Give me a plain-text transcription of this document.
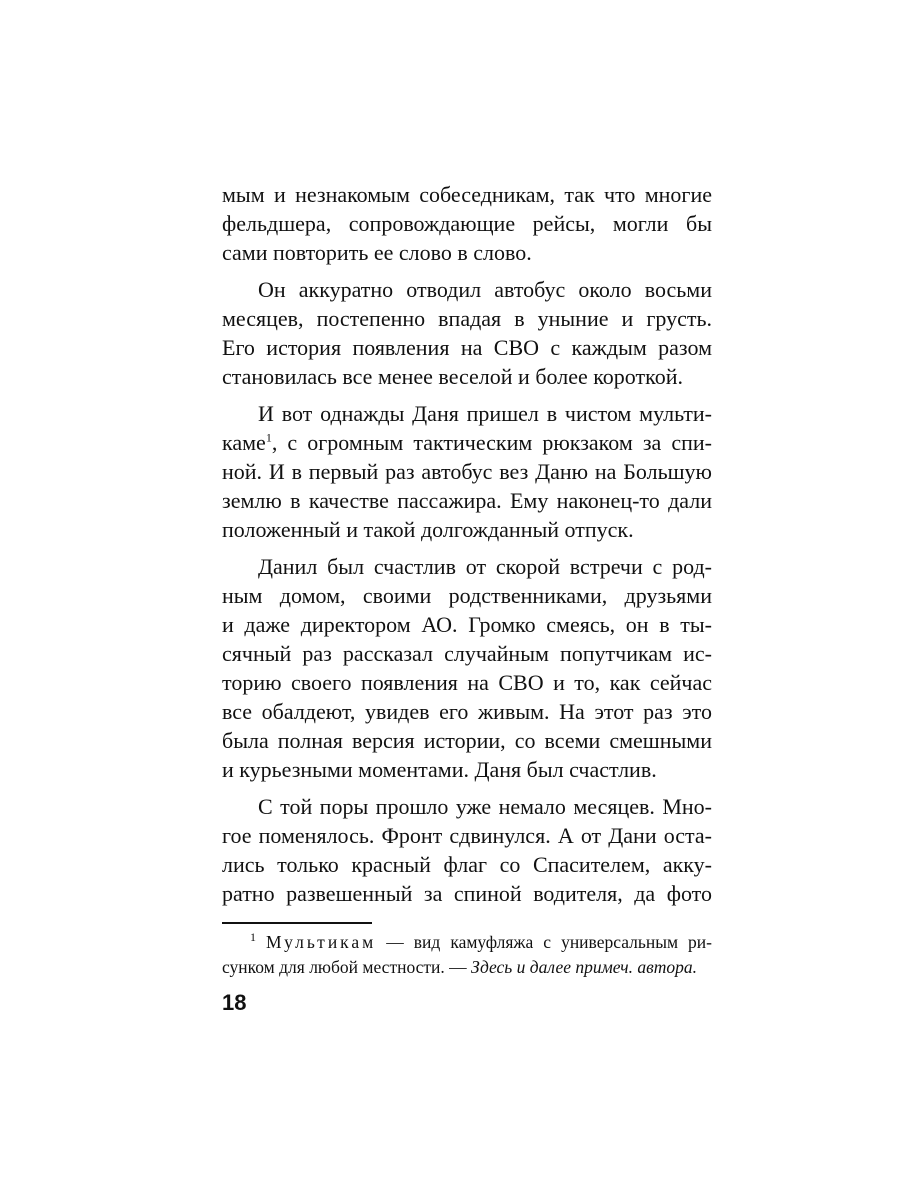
мым и незнакомым собеседникам, так что многие
фельдшера, сопровождающие рейсы, могли бы
сами повторить ее слово в слово.
Он аккуратно отводил автобус около восьми
месяцев, постепенно впадая в уныние и грусть.
Его история появления на СВО с каждым разом
становилась все менее веселой и более короткой.
И вот однажды Даня пришел в чистом мульти-
каме$^1$, с огромным тактическим рюкзаком за спи-
ной. И в первый раз автобус вез Даню на Большую
землю в качестве пассажира. Ему наконец-то дали
положенный и такой долгожданный отпуск.
Данил был счастлив от скорой встречи с род-
ным домом, своими родственниками, друзьями
и даже директором АО. Громко смеясь, он в ты-
сячный раз рассказал случайным попутчикам ис-
торию своего появления на СВО и то, как сейчас
все обалдеют, увидев его живым. На этот раз это
была полная версия истории, со всеми смешными
и курьезными моментами. Даня был счастлив.
С той поры прошло уже немало месяцев. Мно-
гое поменялось. Фронт сдвинулся. А от Дани оста-
лись только красный флаг со Спасителем, акку-
ратно развешенный за спиной водителя, да фото
$^1$ Мультикам — вид камуфляжа с универсальным ри-
сунком для любой местности. — Здесь и далее примеч. автора.
18
